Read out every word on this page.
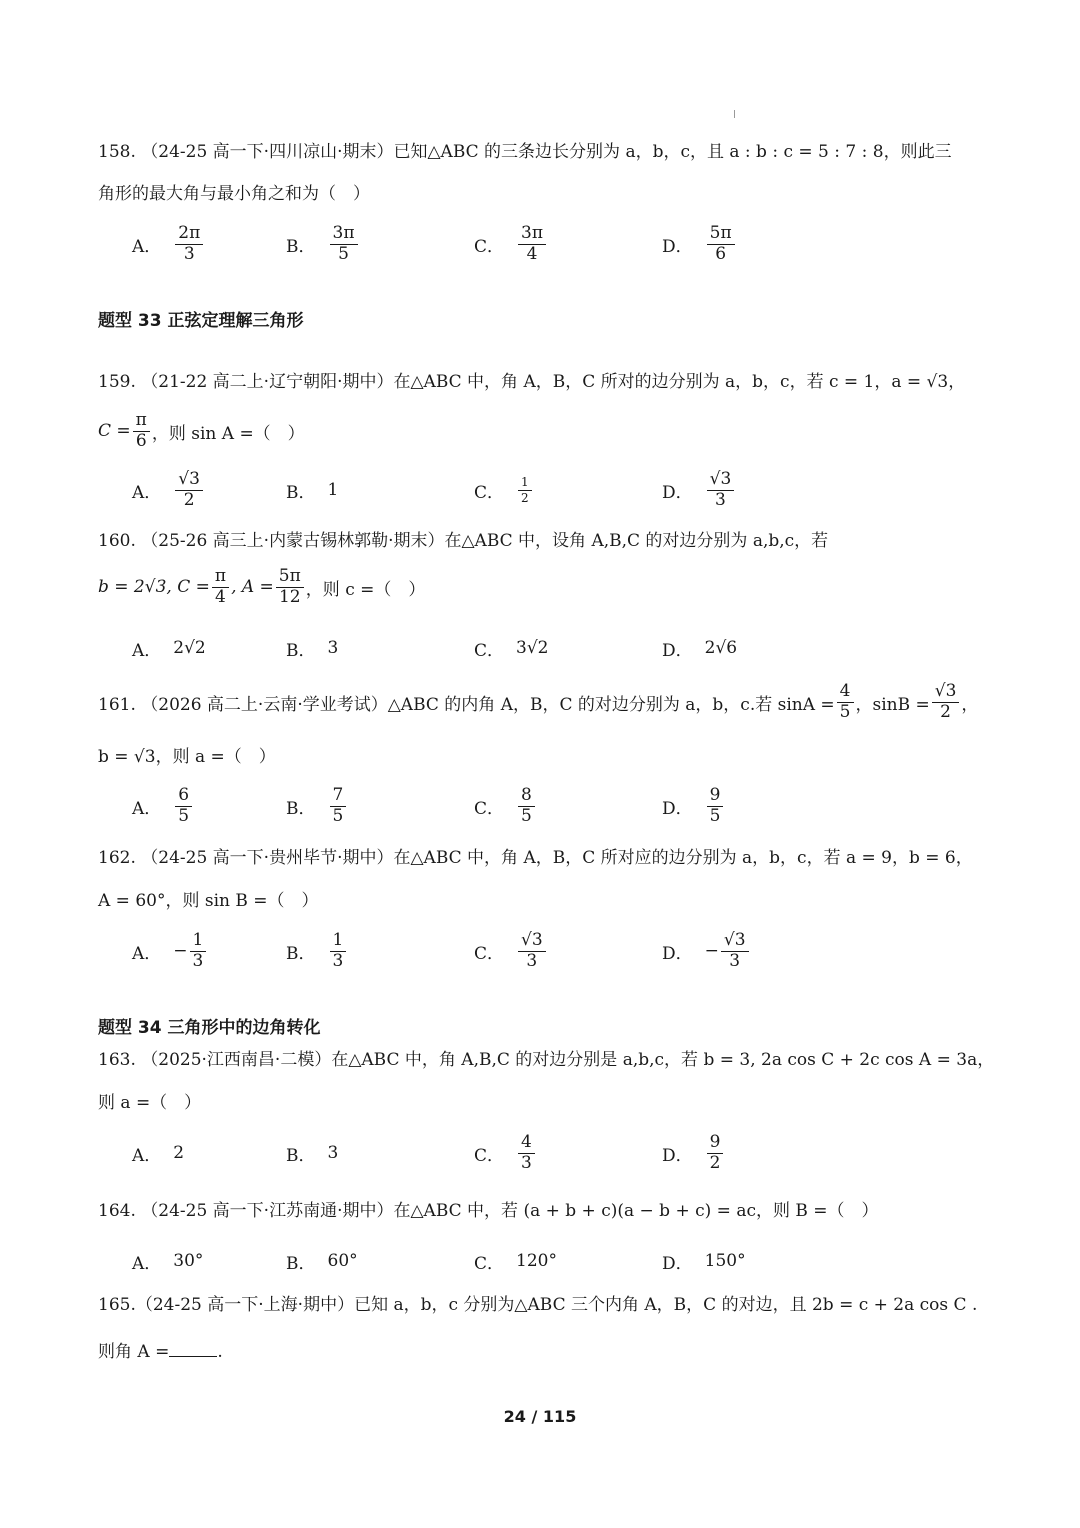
158. （24-25 高一下·四川凉山·期末）已知△ABC 的三条边长分别为 a，b，c，且 a : b : c = 5 : 7 : 8，则此三
角形的最大角与最小角之和为（　）
A． $\frac{2\pi}{3}$	B． $\frac{3\pi}{5}$	C． $\frac{3\pi}{4}$	D． $\frac{5\pi}{6}$
题型 33 正弦定理解三角形
159. （21-22 高二上·辽宁朝阳·期中）在△ABC 中，角 A，B，C 所对的边分别为 a，b，c，若 c = 1，a = √3，
$C = \frac{\pi}{6}$ ，则 sin A =（　）
A． $\frac{√3}{2}$	B． 1	C． $\frac{1}{2}$	D． $\frac{√3}{3}$
160. （25-26 高三上·内蒙古锡林郭勒·期末）在△ABC 中，设角 A,B,C 的对边分别为 a,b,c，若
b = 2√3, $C = \frac{\pi}{4}$ , $A = \frac{5\pi}{12}$ ，则 c =（　）
A． 2√2	B． 3	C． 3√2	D． 2√6
161. （2026 高二上·云南·学业考试）△ABC 的内角 A，B，C 的对边分别为 a，b，c.若 $\sin A = \frac{4}{5}$ ，$\sin B = \frac{√3}{2}$ ，
b = √3，则 a =（　）
A． $\frac{6}{5}$	B． $\frac{7}{5}$	C． $\frac{8}{5}$	D． $\frac{9}{5}$
162. （24-25 高一下·贵州毕节·期中）在△ABC 中，角 A，B，C 所对应的边分别为 a，b，c，若 a = 9，b = 6，
A = 60°，则 sin B =（　）
A． − $\frac{1}{3}$	B． $\frac{1}{3}$	C． $\frac{√3}{3}$	D． − $\frac{√3}{3}$
题型 34 三角形中的边角转化
163. （2025·江西南昌·二模）在△ABC 中，角 A,B,C 的对边分别是 a,b,c，若 b = 3, 2a cos C + 2c cos A = 3a，
则 a =（　）
A． 2	B． 3	C． $\frac{4}{3}$	D． $\frac{9}{2}$
164. （24-25 高一下·江苏南通·期中）在△ABC 中，若 (a + b + c)(a − b + c) = ac，则 B =（　）
A． 30°	B． 60°	C． 120°	D． 150°
165.（24-25 高一下·上海·期中）已知 a，b，c 分别为△ABC 三个内角 A，B，C 的对边，且 2b = c + 2a cos C .
则角 A =	.
24 / 115
